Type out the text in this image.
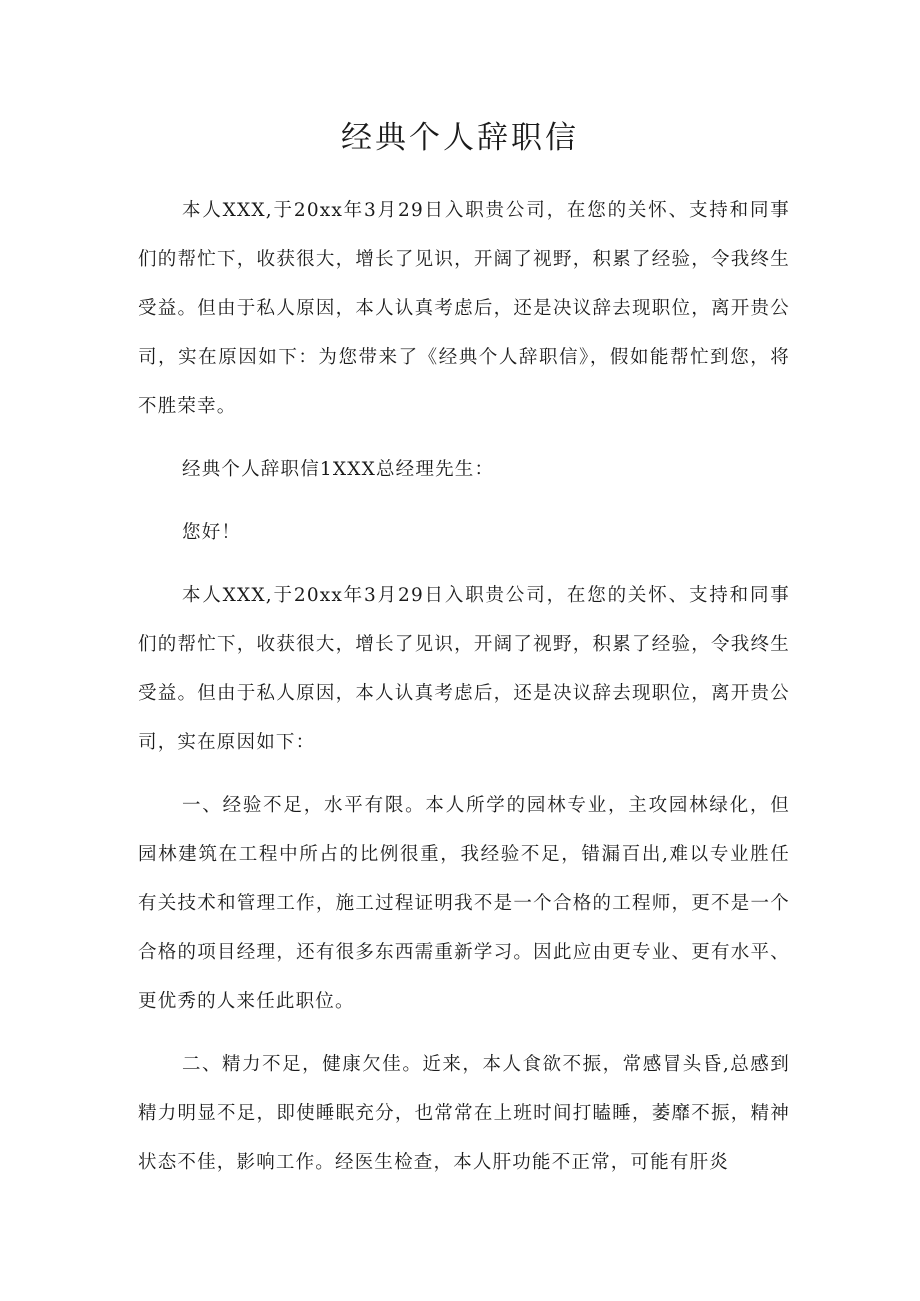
经典个人辞职信

本人XXX,于20xx年3月29日入职贵公司，在您的关怀、支持和同事们的帮忙下，收获很大，增长了见识，开阔了视野，积累了经验，令我终生受益。但由于私人原因，本人认真考虑后，还是决议辞去现职位，离开贵公司，实在原因如下：为您带来了《经典个人辞职信》，假如能帮忙到您，将不胜荣幸。

经典个人辞职信1XXX总经理先生：

您好！

本人XXX,于20xx年3月29日入职贵公司，在您的关怀、支持和同事们的帮忙下，收获很大，增长了见识，开阔了视野，积累了经验，令我终生受益。但由于私人原因，本人认真考虑后，还是决议辞去现职位，离开贵公司，实在原因如下：

一、经验不足，水平有限。本人所学的园林专业，主攻园林绿化，但园林建筑在工程中所占的比例很重，我经验不足，错漏百出,难以专业胜任有关技术和管理工作，施工过程证明我不是一个合格的工程师，更不是一个合格的项目经理，还有很多东西需重新学习。因此应由更专业、更有水平、更优秀的人来任此职位。

二、精力不足，健康欠佳。近来，本人食欲不振，常感冒头昏,总感到精力明显不足，即使睡眠充分，也常常在上班时间打瞌睡，萎靡不振，精神状态不佳，影响工作。经医生检查，本人肝功能不正常，可能有肝炎
